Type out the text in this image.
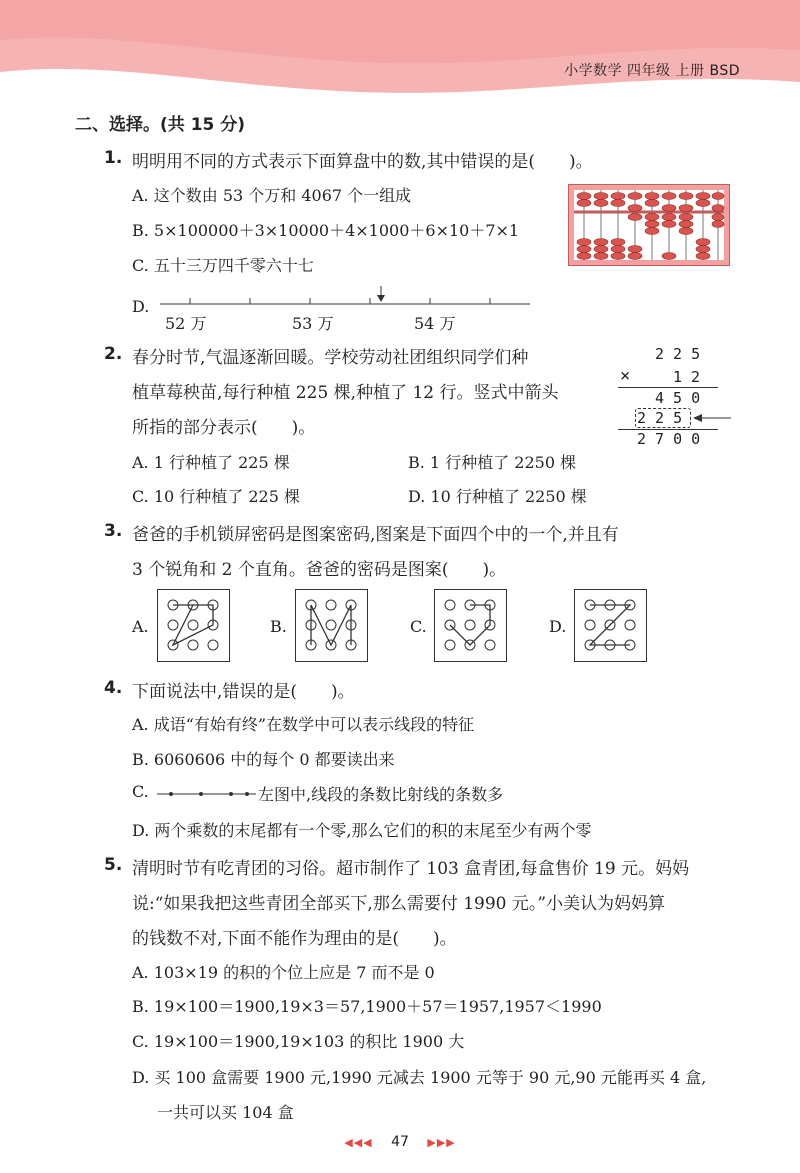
小学数学 四年级 上册 BSD
二、选择。(共 15 分)
1. 明明用不同的方式表示下面算盘中的数,其中错误的是(　　)。
A. 这个数由 53 个万和 4067 个一组成
B. 5×100000＋3×10000＋4×1000＋6×10＋7×1
C. 五十三万四千零六十七
D.
52 万	53 万	54 万
2. 春分时节,气温逐渐回暖。学校劳动社团组织同学们种
植草莓秧苗,每行种植 225 棵,种植了 12 行。竖式中箭头
所指的部分表示(　　)。
A. 1 行种植了 225 棵	B. 1 行种植了 2250 棵
C. 10 行种植了 225 棵	D. 10 行种植了 2250 棵
2 2 5
×	1 2
4 5 0
2 2 5
2 7 0 0
3. 爸爸的手机锁屏密码是图案密码,图案是下面四个中的一个,并且有
3 个锐角和 2 个直角。爸爸的密码是图案(　　)。
A.	B.	C.	D.
4. 下面说法中,错误的是(　　)。
A. 成语“有始有终”在数学中可以表示线段的特征
B. 6060606 中的每个 0 都要读出来
C.	左图中,线段的条数比射线的条数多
D. 两个乘数的末尾都有一个零,那么它们的积的末尾至少有两个零
5. 清明时节有吃青团的习俗。超市制作了 103 盒青团,每盒售价 19 元。妈妈
说:“如果我把这些青团全部买下,那么需要付 1990 元。”小美认为妈妈算
的钱数不对,下面不能作为理由的是(　　)。
A. 103×19 的积的个位上应是 7 而不是 0
B. 19×100＝1900,19×3＝57,1900＋57＝1957,1957＜1990
C. 19×100＝1900,19×103 的积比 1900 大
D. 买 100 盒需要 1900 元,1990 元减去 1900 元等于 90 元,90 元能再买 4 盒,
一共可以买 104 盒
◀◀◀ 47 ▶▶▶
